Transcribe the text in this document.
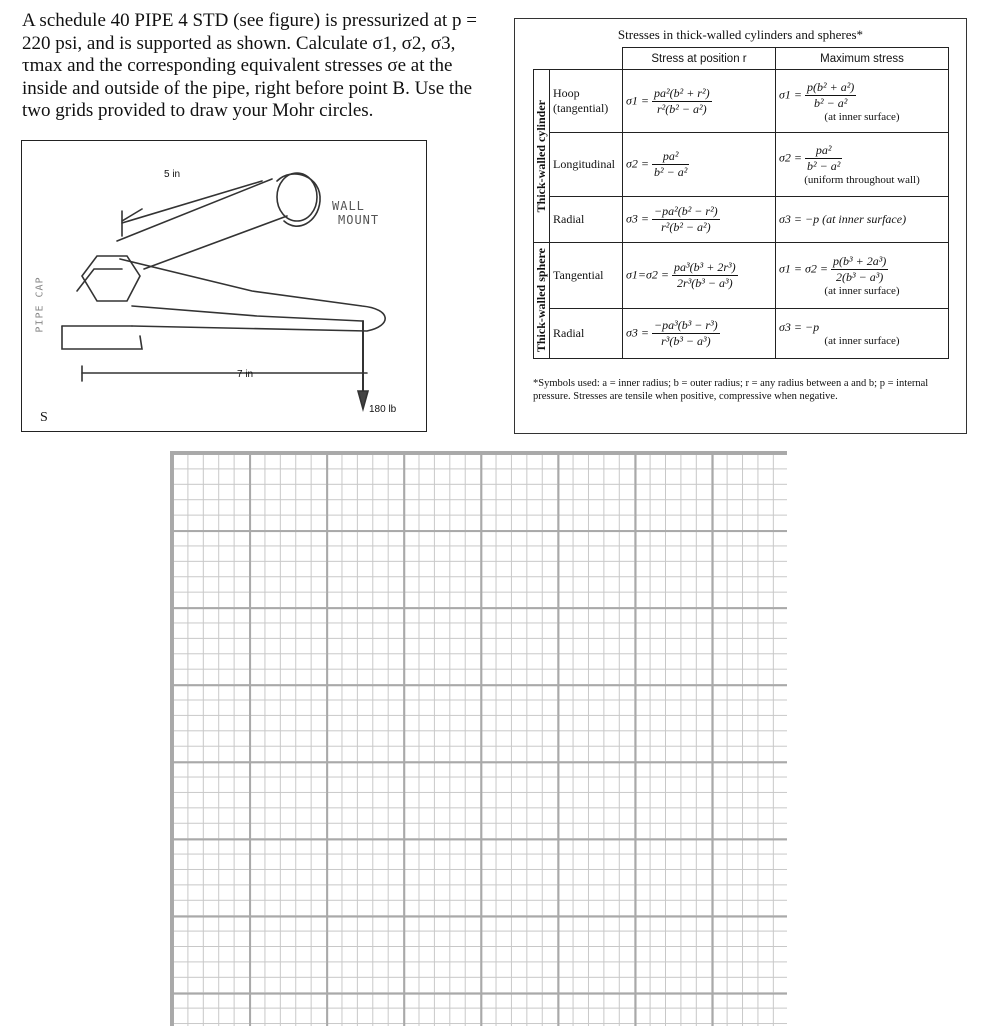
A schedule 40 PIPE 4 STD (see figure) is pressurized at p =
220 psi, and is supported as shown. Calculate σ1, σ2, σ3,
τmax and the corresponding equivalent stresses σe at the
inside and outside of the pipe, right before point B. Use the
two grids provided to draw your Mohr circles.
5 in
7 in
180 lb
WALL
MOUNT
PIPE CAP
S
Stresses in thick-walled cylinders and spheres*
		Stress at position r	Maximum stress

Thick-walled cylinder	Hoop
(tangential)	$\sigma 1 = \frac{\text{pa²(b² + r²)}}{\text{r²(b² − a²)}}$	$\sigma 1 = \frac{\text{p(b² + a²)}}{\text{b² − a²}}$
(at inner surface)

	Longitudinal	$\sigma 2 = \frac{\text{pa²}}{\text{b² − a²}}$	$\sigma 2 = \frac{\text{pa²}}{\text{b² − a²}}$
(uniform throughout wall)

	Radial	$\sigma 3 = \frac{\text{−pa²(b² − r²)}}{\text{r²(b² − a²)}}$	σ3 = −p (at inner surface)

Thick-walled sphere	Tangential	$\sigma 1=\sigma 2 = \frac{\text{pa³(b³ + 2r³)}}{\text{2r³(b³ − a³)}}$	$\sigma 1 = \sigma 2 = \frac{\text{p(b³ + 2a³)}}{\text{2(b³ − a³)}}$
(at inner surface)

	Radial	$\sigma 3 = \frac{\text{−pa³(b³ − r³)}}{\text{r³(b³ − a³)}}$	σ3 = −p
(at inner surface)
*Symbols used: a = inner radius; b = outer radius; r = any radius between a and b; p = internal pressure. Stresses are tensile when positive, compressive when negative.
